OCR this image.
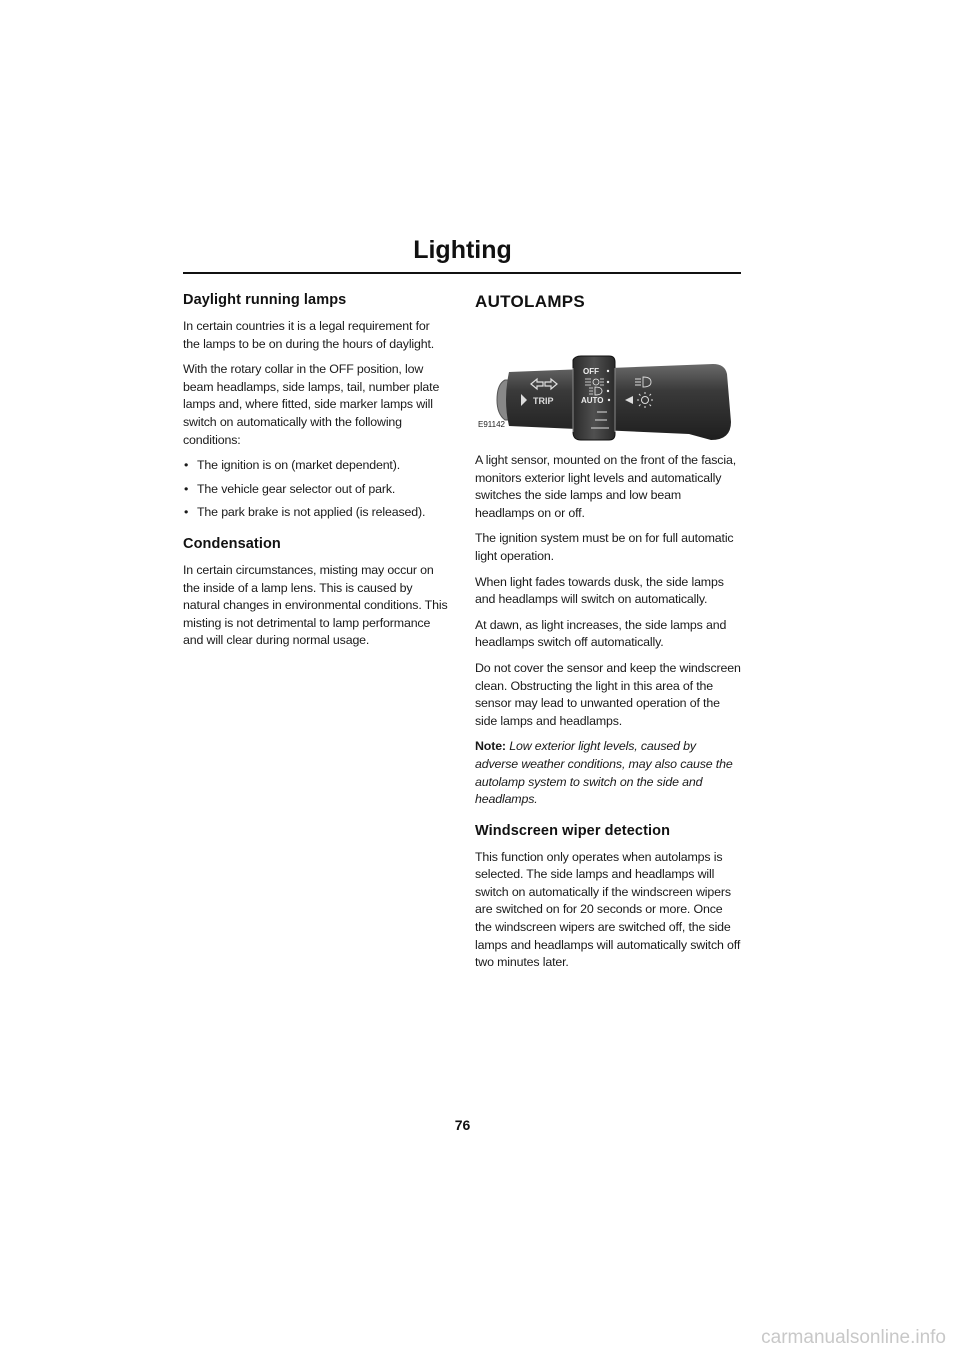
Lighting
Daylight running lamps

In certain countries it is a legal requirement for the lamps to be on during the hours of daylight.

With the rotary collar in the OFF position, low beam headlamps, side lamps, tail, number plate lamps and, where fitted, side marker lamps will switch on automatically with the following conditions:

• The ignition is on (market dependent).
• The vehicle gear selector out of park.
• The park brake is not applied (is released).
Condensation

In certain circumstances, misting may occur on the inside of a lamp lens. This is caused by natural changes in environmental conditions. This misting is not detrimental to lamp performance and will clear during normal usage.

AUTOLAMPS
TRIP
OFF
AUTO
E91142

A light sensor, mounted on the front of the fascia, monitors exterior light levels and automatically switches the side lamps and low beam headlamps on or off.

The ignition system must be on for full automatic light operation.

When light fades towards dusk, the side lamps and headlamps will switch on automatically.

At dawn, as light increases, the side lamps and headlamps switch off automatically.

Do not cover the sensor and keep the windscreen clean. Obstructing the light in this area of the sensor may lead to unwanted operation of the side lamps and headlamps.

Note: Low exterior light levels, caused by adverse weather conditions, may also cause the autolamp system to switch on the side and headlamps.

Windscreen wiper detection

This function only operates when autolamps is selected. The side lamps and headlamps will switch on automatically if the windscreen wipers are switched on for 20 seconds or more. Once the windscreen wipers are switched off, the side lamps and headlamps will automatically switch off two minutes later.

76
carmanualsonline.info
